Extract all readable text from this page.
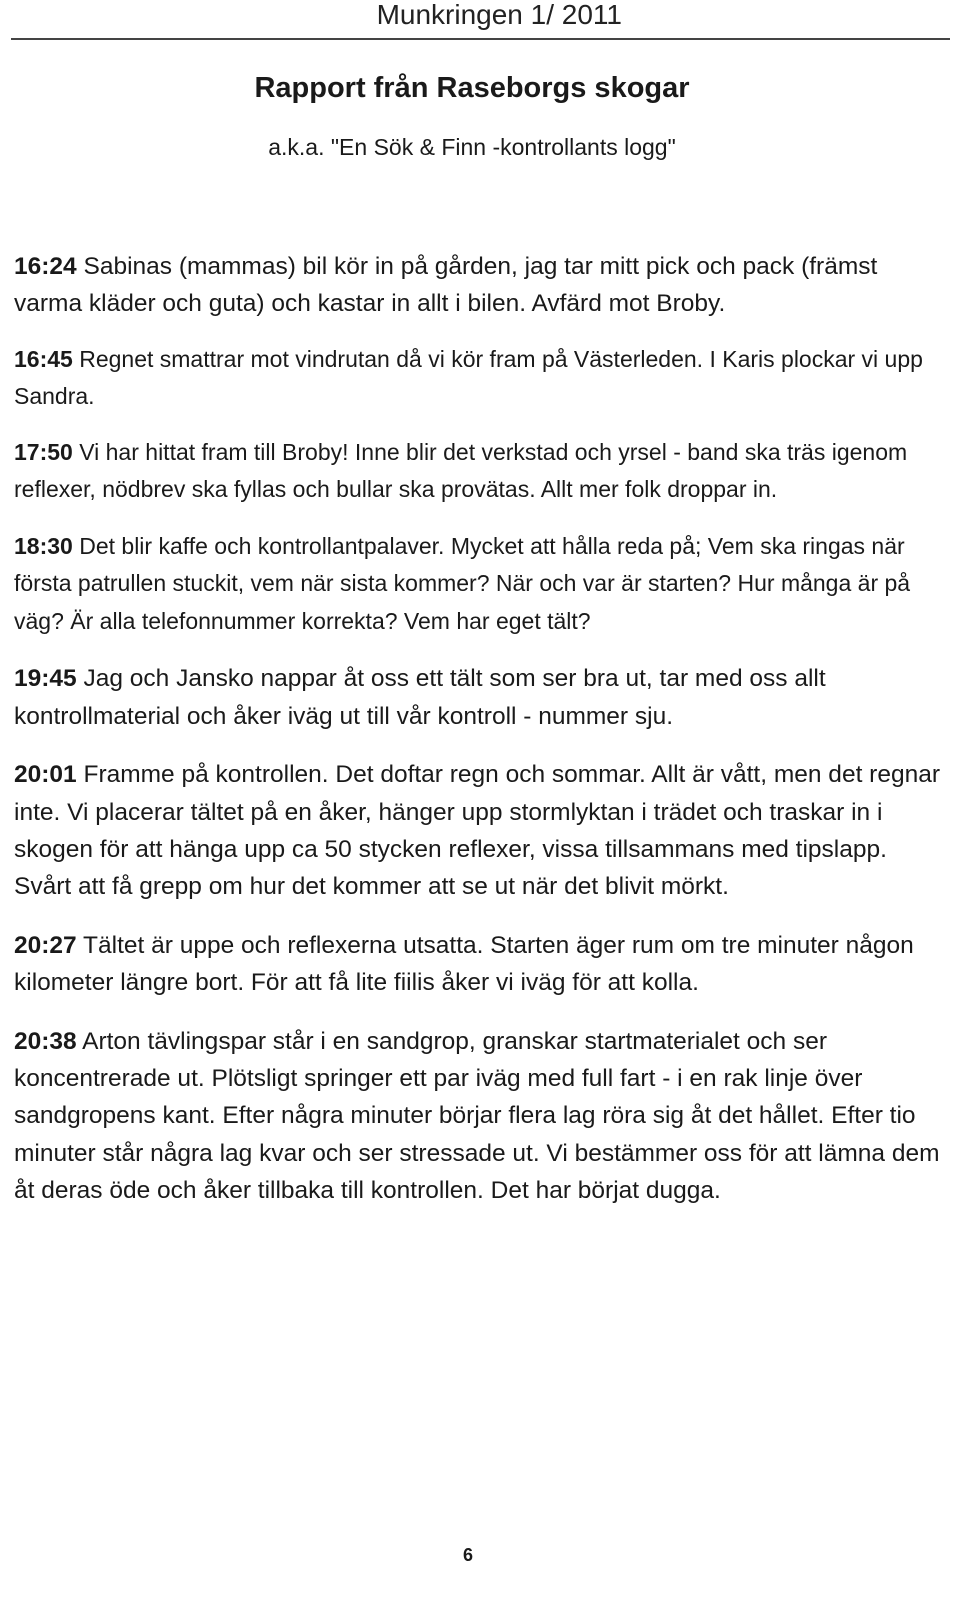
Munkringen 1/ 2011
Rapport från Raseborgs skogar
a.k.a. "En Sök & Finn -kontrollants logg"

16:24 Sabinas (mammas) bil kör in på gården, jag tar mitt pick och pack (främst varma kläder och guta) och kastar in allt i bilen. Avfärd mot Broby.

16:45 Regnet smattrar mot vindrutan då vi kör fram på Västerleden. I Karis plockar vi upp Sandra.

17:50 Vi har hittat fram till Broby! Inne blir det verkstad och yrsel - band ska träs igenom reflexer, nödbrev ska fyllas och bullar ska provätas. Allt mer folk droppar in.

18:30 Det blir kaffe och kontrollantpalaver. Mycket att hålla reda på; Vem ska ringas när första patrullen stuckit, vem när sista kommer? När och var är starten? Hur många är på väg? Är alla telefonnummer korrekta? Vem har eget tält?

19:45 Jag och Jansko nappar åt oss ett tält som ser bra ut, tar med oss allt kontrollmaterial och åker iväg ut till vår kontroll - nummer sju.

20:01 Framme på kontrollen. Det doftar regn och sommar. Allt är vått, men det regnar inte. Vi placerar tältet på en åker, hänger upp stormlyktan i trädet och traskar in i skogen för att hänga upp ca 50 stycken reflexer, vissa tillsammans med tipslapp. Svårt att få grepp om hur det kommer att se ut när det blivit mörkt.

20:27 Tältet är uppe och reflexerna utsatta. Starten äger rum om tre minuter någon kilometer längre bort. För att få lite fiilis åker vi iväg för att kolla.

20:38 Arton tävlingspar står i en sandgrop, granskar startmaterialet och ser koncentrerade ut. Plötsligt springer ett par iväg med full fart - i en rak linje över sandgropens kant. Efter några minuter börjar flera lag röra sig åt det hållet. Efter tio minuter står några lag kvar och ser stressade ut. Vi bestämmer oss för att lämna dem åt deras öde och åker tillbaka till kontrollen. Det har börjat dugga.

6
